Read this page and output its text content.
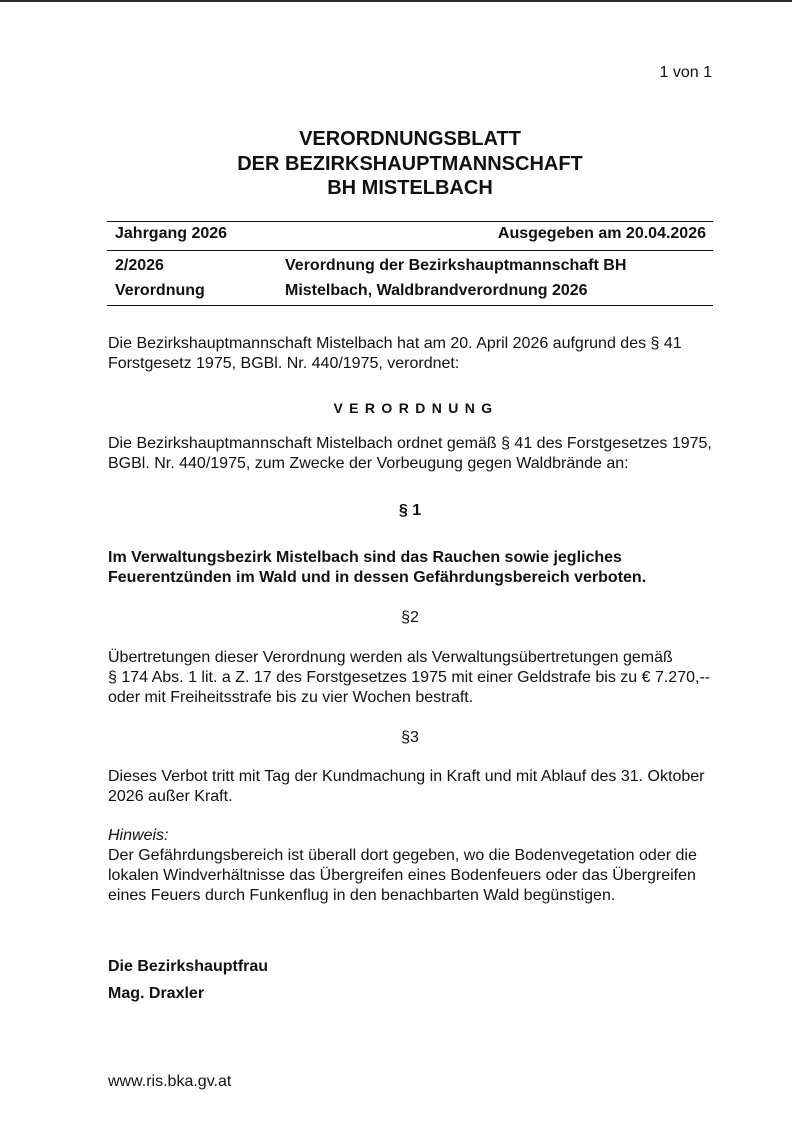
1 von 1
VERORDNUNGSBLATT
DER BEZIRKSHAUPTMANNSCHAFT
BH MISTELBACH
Jahrgang 2026	Ausgegeben am 20.04.2026
2/2026
Verordnung
Verordnung der Bezirkshauptmannschaft BH
Mistelbach, Waldbrandverordnung 2026
Die Bezirkshauptmannschaft Mistelbach hat am 20. April 2026 aufgrund des § 41
Forstgesetz 1975, BGBl. Nr. 440/1975, verordnet:
VERORDNUNG
Die Bezirkshauptmannschaft Mistelbach ordnet gemäß § 41 des Forstgesetzes 1975,
BGBl. Nr. 440/1975, zum Zwecke der Vorbeugung gegen Waldbrände an:
§ 1
Im Verwaltungsbezirk Mistelbach sind das Rauchen sowie jegliches
Feuerentzünden im Wald und in dessen Gefährdungsbereich verboten.
§2
Übertretungen dieser Verordnung werden als Verwaltungsübertretungen gemäß
§ 174 Abs. 1 lit. a Z. 17 des Forstgesetzes 1975 mit einer Geldstrafe bis zu € 7.270,--
oder mit Freiheitsstrafe bis zu vier Wochen bestraft.
§3
Dieses Verbot tritt mit Tag der Kundmachung in Kraft und mit Ablauf des 31. Oktober
2026 außer Kraft.
Hinweis:
Der Gefährdungsbereich ist überall dort gegeben, wo die Bodenvegetation oder die
lokalen Windverhältnisse das Übergreifen eines Bodenfeuers oder das Übergreifen
eines Feuers durch Funkenflug in den benachbarten Wald begünstigen.
Die Bezirkshauptfrau
Mag. Draxler
www.ris.bka.gv.at
